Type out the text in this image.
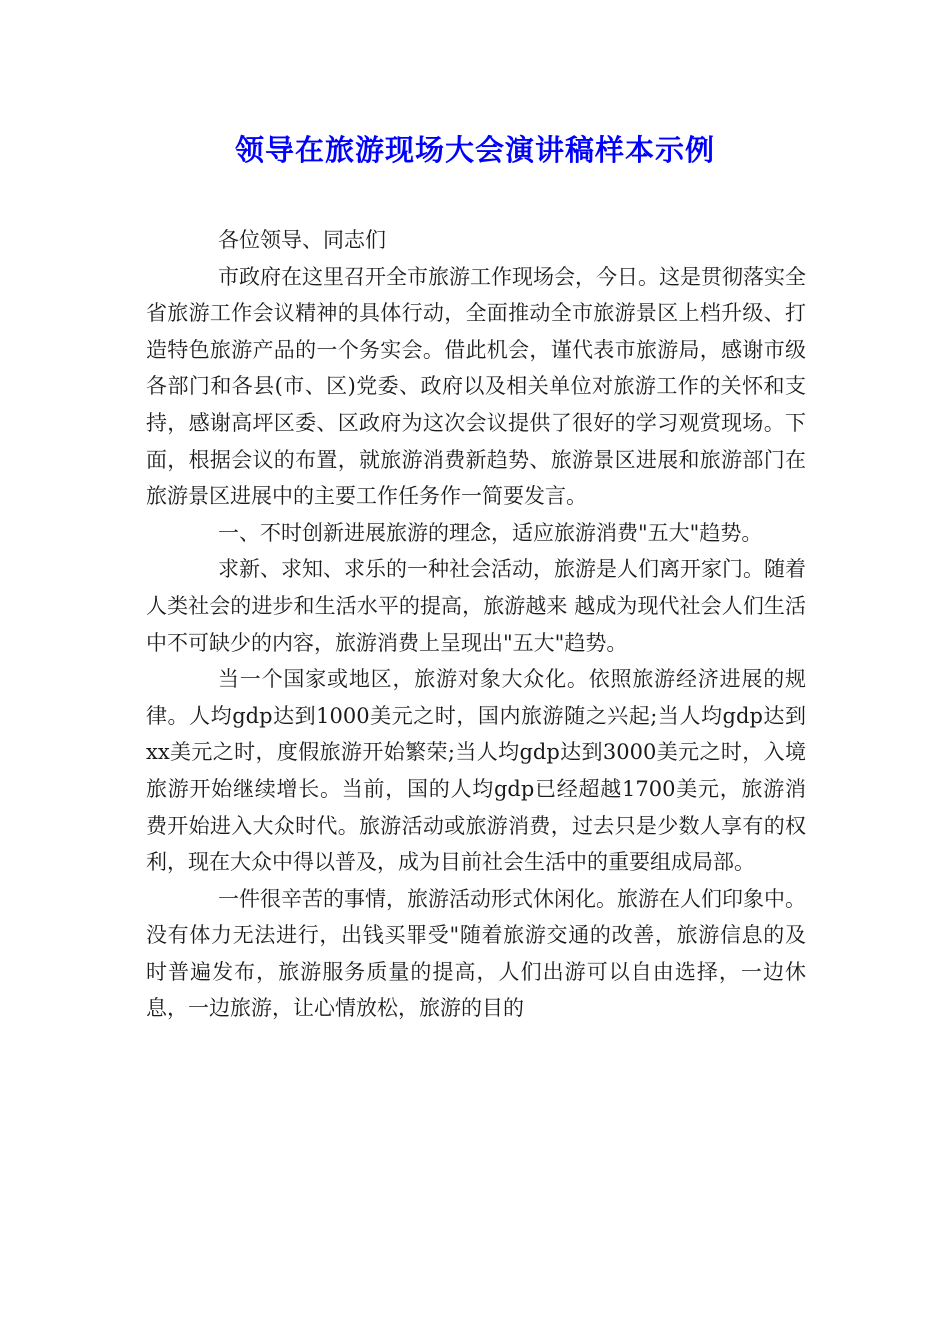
领导在旅游现场大会演讲稿样本示例

各位领导、同志们

市政府在这里召开全市旅游工作现场会，今日。这是贯彻落实全省旅游工作会议精神的具体行动，全面推动全市旅游景区上档升级、打造特色旅游产品的一个务实会。借此机会，谨代表市旅游局，感谢市级各部门和各县(市、区)党委、政府以及相关单位对旅游工作的关怀和支持，感谢高坪区委、区政府为这次会议提供了很好的学习观赏现场。下面，根据会议的布置，就旅游消费新趋势、旅游景区进展和旅游部门在旅游景区进展中的主要工作任务作一简要发言。

一、不时创新进展旅游的理念，适应旅游消费"五大"趋势。

求新、求知、求乐的一种社会活动，旅游是人们离开家门。随着人类社会的进步和生活水平的提高，旅游越来 越成为现代社会人们生活中不可缺少的内容，旅游消费上呈现出"五大"趋势。

当一个国家或地区，旅游对象大众化。依照旅游经济进展的规律。人均gdp达到1000美元之时，国内旅游随之兴起;当人均gdp达到xx美元之时，度假旅游开始繁荣;当人均gdp达到3000美元之时，入境旅游开始继续增长。当前，国的人均gdp已经超越1700美元，旅游消费开始进入大众时代。旅游活动或旅游消费，过去只是少数人享有的权利，现在大众中得以普及，成为目前社会生活中的重要组成局部。

一件很辛苦的事情，旅游活动形式休闲化。旅游在人们印象中。没有体力无法进行，出钱买罪受"随着旅游交通的改善，旅游信息的及时普遍发布，旅游服务质量的提高，人们出游可以自由选择，一边休息，一边旅游，让心情放松，旅游的目的
